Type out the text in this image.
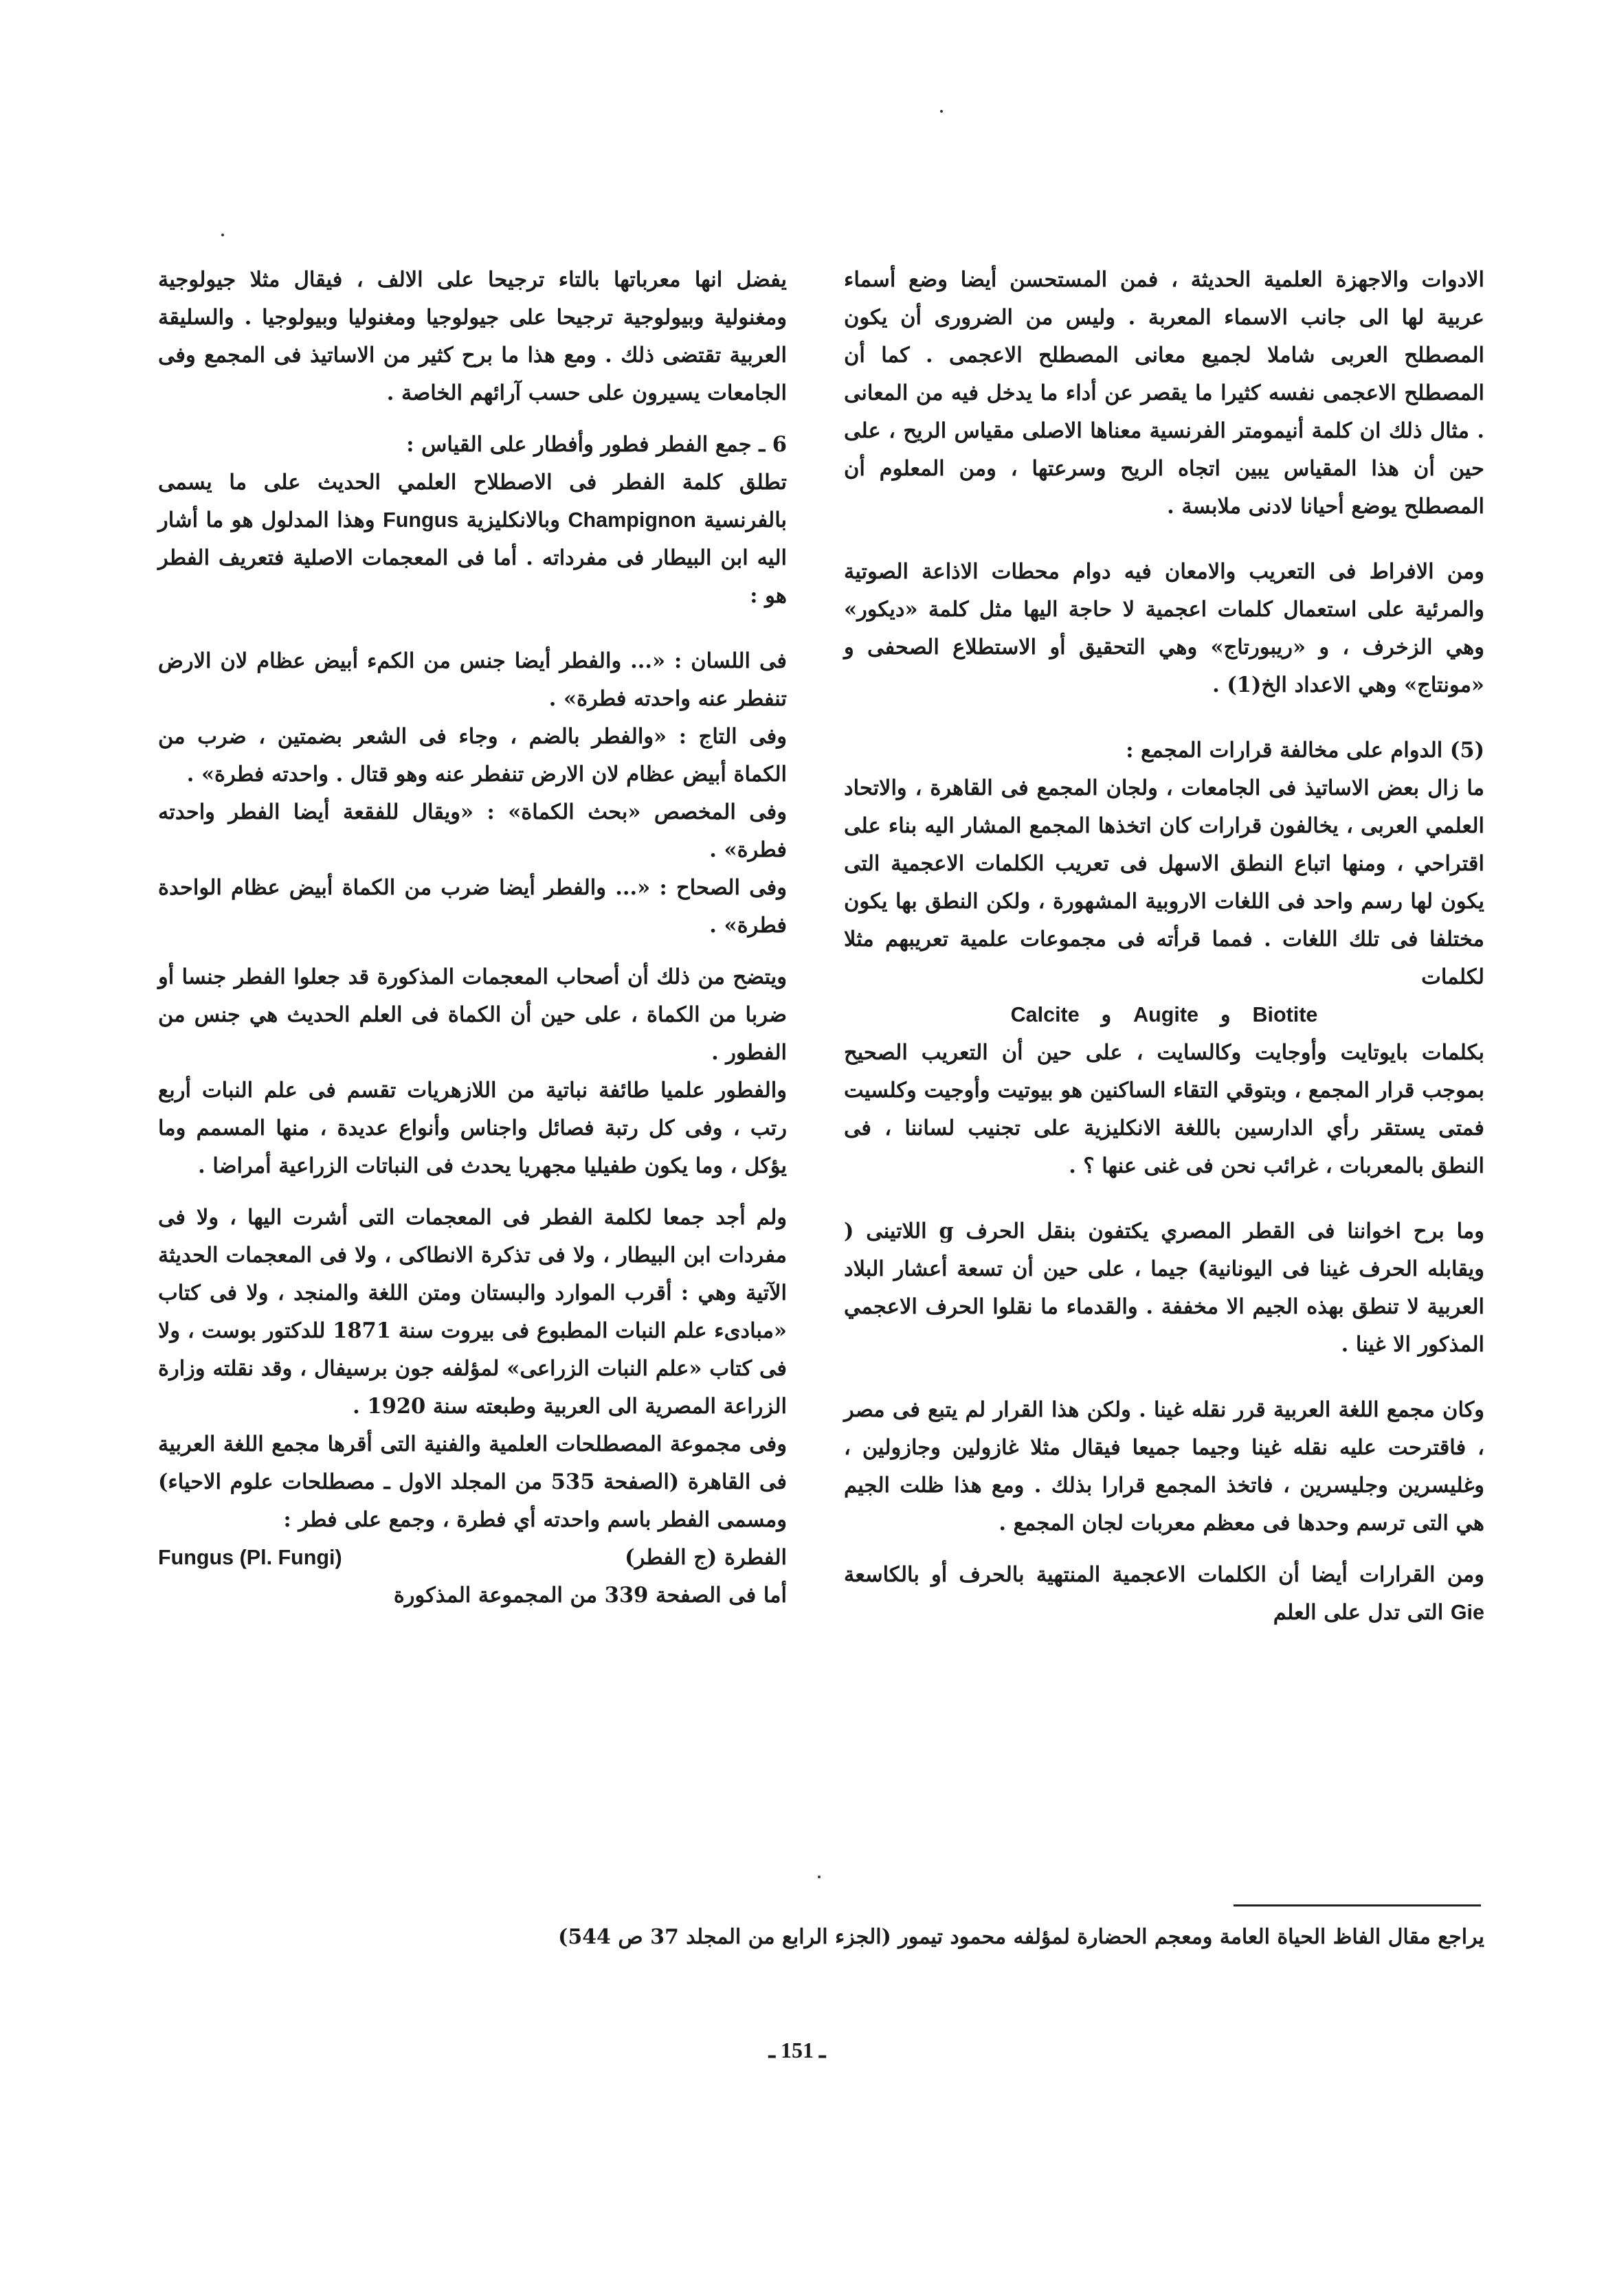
الادوات والاجهزة العلمية الحديثة ، فمن المستحسن أيضا وضع أسماء عربية لها الى جانب الاسماء المعربة . وليس من الضرورى أن يكون المصطلح العربى شاملا لجميع معانى المصطلح الاعجمى . كما أن المصطلح الاعجمى نفسه كثيرا ما يقصر عن أداء ما يدخل فيه من المعانى . مثال ذلك ان كلمة أنيمومتر الفرنسية معناها الاصلى مقياس الريح ، على حين أن هذا المقياس يبين اتجاه الريح وسرعتها ، ومن المعلوم أن المصطلح يوضع أحيانا لادنى ملابسة .

ومن الافراط فى التعريب والامعان فيه دوام محطات الاذاعة الصوتية والمرئية على استعمال كلمات اعجمية لا حاجة اليها مثل كلمة «ديكور» وهي الزخرف ، و «ريبورتاج» وهي التحقيق أو الاستطلاع الصحفى و «مونتاج» وهي الاعداد الخ(1) .

(5) الدوام على مخالفة قرارات المجمع :

ما زال بعض الاساتيذ فى الجامعات ، ولجان المجمع فى القاهرة ، والاتحاد العلمي العربى ، يخالفون قرارات كان اتخذها المجمع المشار اليه بناء على اقتراحي ، ومنها اتباع النطق الاسهل فى تعريب الكلمات الاعجمية التى يكون لها رسم واحد فى اللغات الاروبية المشهورة ، ولكن النطق بها يكون مختلفا فى تلك اللغات . فمما قرأته فى مجموعات علمية تعريبهم مثلا لكلمات

Biotite   و   Augite   و   Calcite

بكلمات بايوتايت وأوجايت وكالسايت ، على حين أن التعريب الصحيح بموجب قرار المجمع ، وبتوقي التقاء الساكنين هو بيوتيت وأوجيت وكلسيت فمتى يستقر رأي الدارسين باللغة الانكليزية على تجنيب لساننا ، فى النطق بالمعربات ، غرائب نحن فى غنى عنها ؟ .

وما برح اخواننا فى القطر المصري يكتفون بنقل الحرف g اللاتينى ( ويقابله الحرف غينا فى اليونانية) جيما ، على حين أن تسعة أعشار البلاد العربية لا تنطق بهذه الجيم الا مخففة . والقدماء ما نقلوا الحرف الاعجمي المذكور الا غينا .

وكان مجمع اللغة العربية قرر نقله غينا . ولكن هذا القرار لم يتبع فى مصر ، فاقترحت عليه نقله غينا وجيما جميعا فيقال مثلا غازولين وجازولين ، وغليسرين وجليسرين ، فاتخذ المجمع قرارا بذلك . ومع هذا ظلت الجيم هي التى ترسم وحدها فى معظم معربات لجان المجمع .

ومن القرارات أيضا أن الكلمات الاعجمية المنتهية بالحرف أو بالكاسعة Gie التى تدل على العلم

يفضل انها معرباتها بالتاء ترجيحا على الالف ، فيقال مثلا جيولوجية ومغنولية وبيولوجية ترجيحا على جيولوجيا ومغنوليا وبيولوجيا . والسليقة العربية تقتضى ذلك . ومع هذا ما برح كثير من الاساتيذ فى المجمع وفى الجامعات يسيرون على حسب آرائهم الخاصة .

6 ـ جمع الفطر فطور وأفطار على القياس :

تطلق كلمة الفطر فى الاصطلاح العلمي الحديث على ما يسمى بالفرنسية Champignon وبالانكليزية Fungus وهذا المدلول هو ما أشار اليه ابن البيطار فى مفرداته . أما فى المعجمات الاصلية فتعريف الفطر هو :

فى اللسان : «... والفطر أيضا جنس من الكمء أبيض عظام لان الارض تنفطر عنه واحدته فطرة» .

وفى التاج : «والفطر بالضم ، وجاء فى الشعر بضمتين ، ضرب من الكماة أبيض عظام لان الارض تنفطر عنه وهو قتال . واحدته فطرة» .

وفى المخصص «بحث الكماة» : «ويقال للفقعة أيضا الفطر واحدته فطرة» .

وفى الصحاح : «... والفطر أيضا ضرب من الكماة أبيض عظام الواحدة فطرة» .

ويتضح من ذلك أن أصحاب المعجمات المذكورة قد جعلوا الفطر جنسا أو ضربا من الكماة ، على حين أن الكماة فى العلم الحديث هي جنس من الفطور .

والفطور علميا طائفة نباتية من اللازهريات تقسم فى علم النبات أربع رتب ، وفى كل رتبة فصائل واجناس وأنواع عديدة ، منها المسمم وما يؤكل ، وما يكون طفيليا مجهريا يحدث فى النباتات الزراعية أمراضا .

ولم أجد جمعا لكلمة الفطر فى المعجمات التى أشرت اليها ، ولا فى مفردات ابن البيطار ، ولا فى تذكرة الانطاكى ، ولا فى المعجمات الحديثة الآتية وهي : أقرب الموارد والبستان ومتن اللغة والمنجد ، ولا فى كتاب «مبادىء علم النبات المطبوع فى بيروت سنة 1871 للدكتور بوست ، ولا فى كتاب «علم النبات الزراعى» لمؤلفه جون برسيفال ، وقد نقلته وزارة الزراعة المصرية الى العربية وطبعته سنة 1920 .

وفى مجموعة المصطلحات العلمية والفنية التى أقرها مجمع اللغة العربية فى القاهرة (الصفحة 535 من المجلد الاول ـ مصطلحات علوم الاحياء) ومسمى الفطر باسم واحدته أي فطرة ، وجمع على فطر :

الفطرة (ج الفطر)
Fungus (Pl. Fungi)

أما فى الصفحة 339 من المجموعة المذكورة

يراجع مقال الفاظ الحياة العامة ومعجم الحضارة لمؤلفه محمود تيمور (الجزء الرابع من المجلد 37 ص 544)
ـ 151 ـ
